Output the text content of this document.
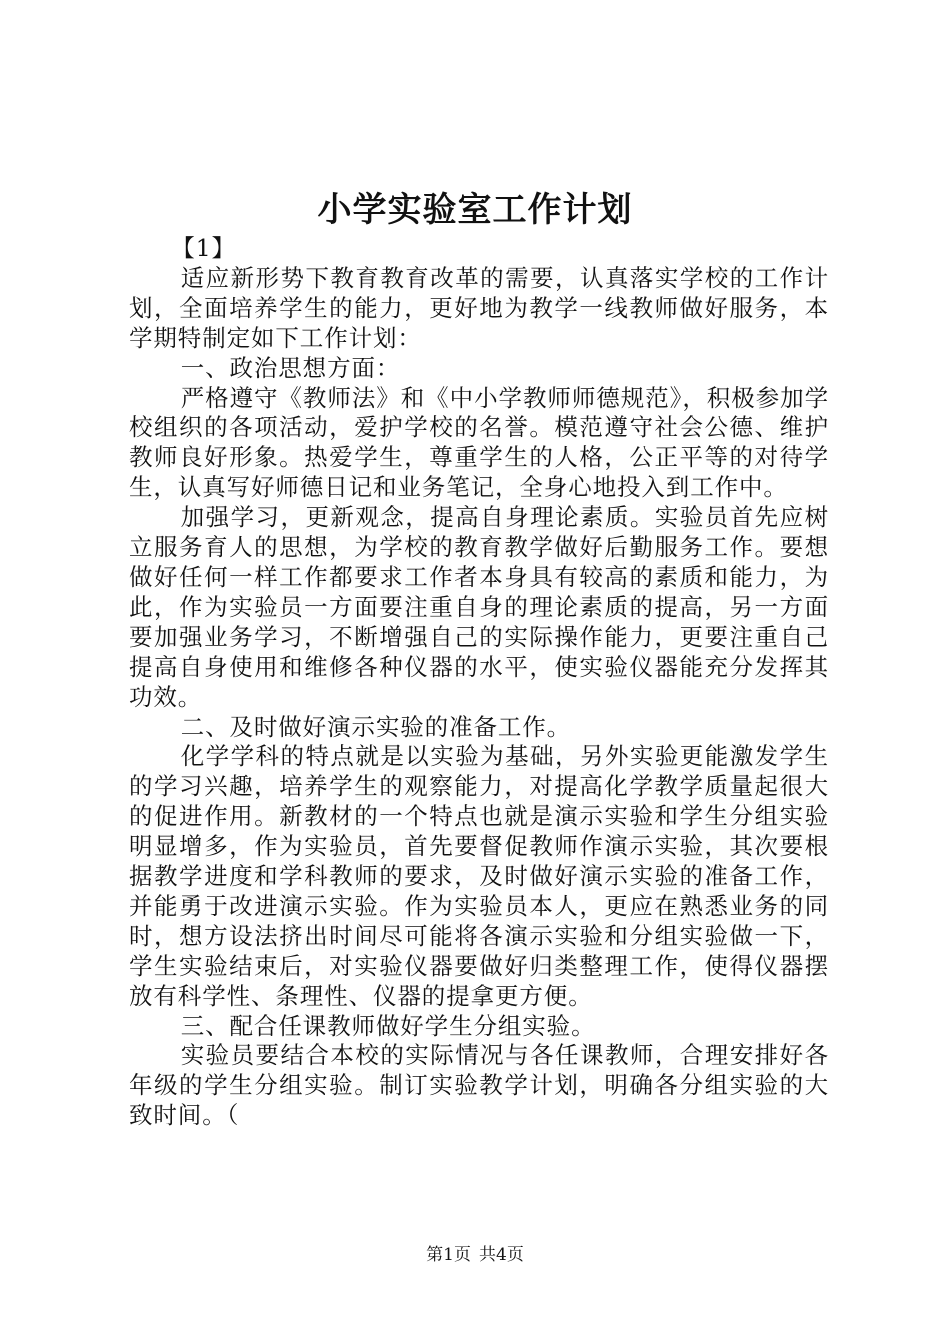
小学实验室工作计划

【1】

适应新形势下教育教育改革的需要，认真落实学校的工作计划，全面培养学生的能力，更好地为教学一线教师做好服务，本学期特制定如下工作计划：

一、政治思想方面：

严格遵守《教师法》和《中小学教师师德规范》，积极参加学校组织的各项活动，爱护学校的名誉。模范遵守社会公德、维护教师良好形象。热爱学生，尊重学生的人格，公正平等的对待学生，认真写好师德日记和业务笔记，全身心地投入到工作中。

加强学习，更新观念，提高自身理论素质。实验员首先应树立服务育人的思想，为学校的教育教学做好后勤服务工作。要想做好任何一样工作都要求工作者本身具有较高的素质和能力，为此，作为实验员一方面要注重自身的理论素质的提高，另一方面要加强业务学习，不断增强自己的实际操作能力，更要注重自己提高自身使用和维修各种仪器的水平，使实验仪器能充分发挥其功效。

二、及时做好演示实验的准备工作。

化学学科的特点就是以实验为基础，另外实验更能激发学生的学习兴趣，培养学生的观察能力，对提高化学教学质量起很大的促进作用。新教材的一个特点也就是演示实验和学生分组实验明显增多，作为实验员，首先要督促教师作演示实验，其次要根据教学进度和学科教师的要求，及时做好演示实验的准备工作，并能勇于改进演示实验。作为实验员本人，更应在熟悉业务的同时，想方设法挤出时间尽可能将各演示实验和分组实验做一下，学生实验结束后，对实验仪器要做好归类整理工作，使得仪器摆放有科学性、条理性、仪器的提拿更方便。

三、配合任课教师做好学生分组实验。

实验员要结合本校的实际情况与各任课教师，合理安排好各年级的学生分组实验。制订实验教学计划，明确各分组实验的大致时间。（

第1页 共4页
